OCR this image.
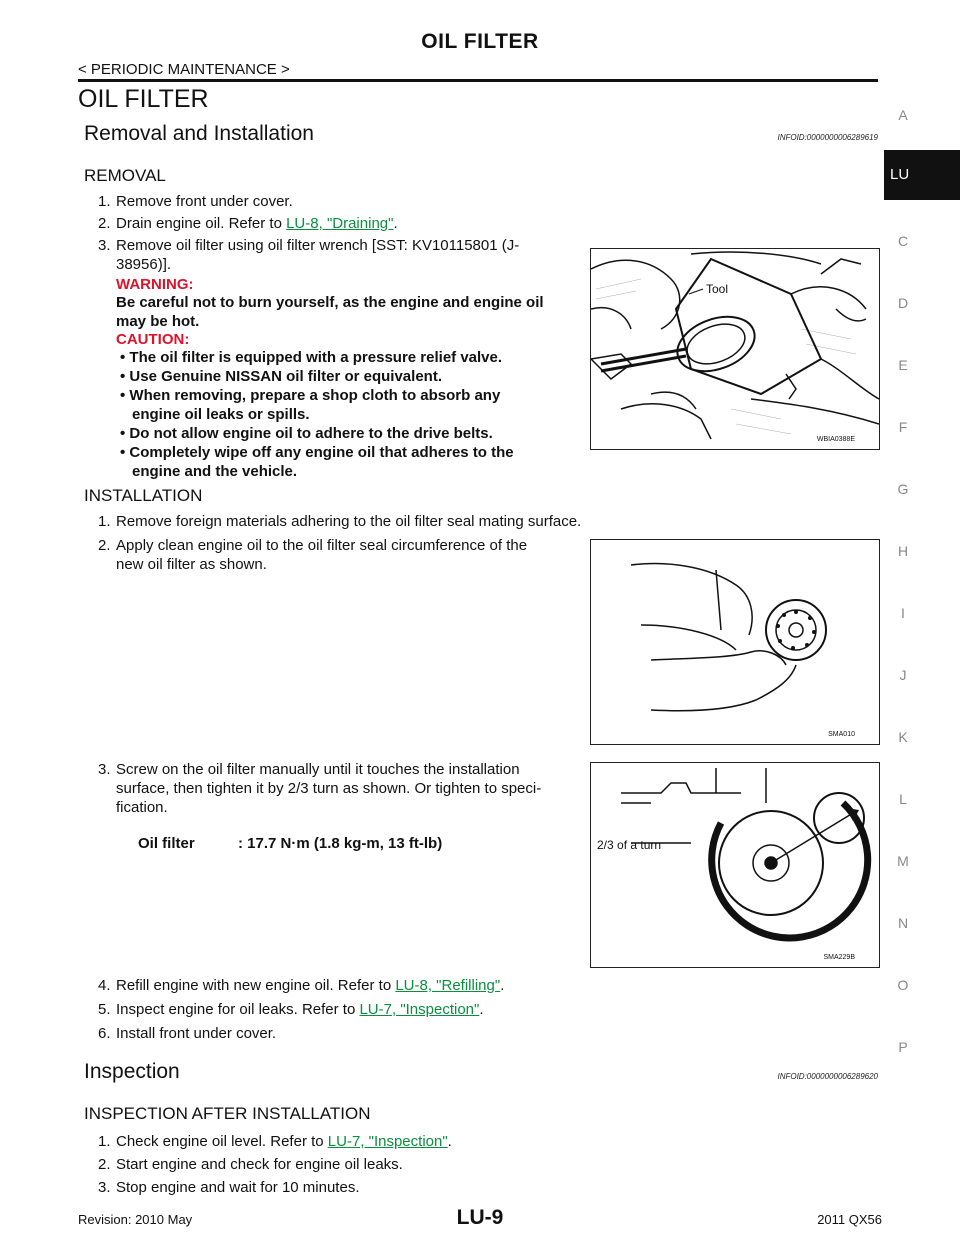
OIL FILTER
< PERIODIC MAINTENANCE >
OIL FILTER
Removal and Installation	INFOID:0000000006289619
REMOVAL
1. Remove front under cover.
2. Drain engine oil. Refer to LU-8, "Draining".
3. Remove oil filter using oil filter wrench [SST: KV10115801 (J-
38956)].
WARNING:
Be careful not to burn yourself, as the engine and engine oil
may be hot.
CAUTION:
• The oil filter is equipped with a pressure relief valve.
• Use Genuine NISSAN oil filter or equivalent.
• When removing, prepare a shop cloth to absorb any
engine oil leaks or spills.
• Do not allow engine oil to adhere to the drive belts.
• Completely wipe off any engine oil that adheres to the
engine and the vehicle.
Tool
WBIA0388E
INSTALLATION
1. Remove foreign materials adhering to the oil filter seal mating surface.
2. Apply clean engine oil to the oil filter seal circumference of the
new oil filter as shown.
SMA010
3. Screw on the oil filter manually until it touches the installation
surface, then tighten it by 2/3 turn as shown. Or tighten to speci-
fication.
Oil filter	: 17.7 N·m (1.8 kg-m, 13 ft-lb)	2/3 of a turn
SMA229B
4. Refill engine with new engine oil. Refer to LU-8, "Refilling".
5. Inspect engine for oil leaks. Refer to LU-7, "Inspection".
6. Install front under cover.
Inspection	INFOID:0000000006289620
INSPECTION AFTER INSTALLATION
1. Check engine oil level. Refer to LU-7, "Inspection".
2. Start engine and check for engine oil leaks.
3. Stop engine and wait for 10 minutes.
A
LU
C
D
E
F
G
H
I
J
K
L
M
N
O
P
Revision: 2010 May	LU-9	2011 QX56
